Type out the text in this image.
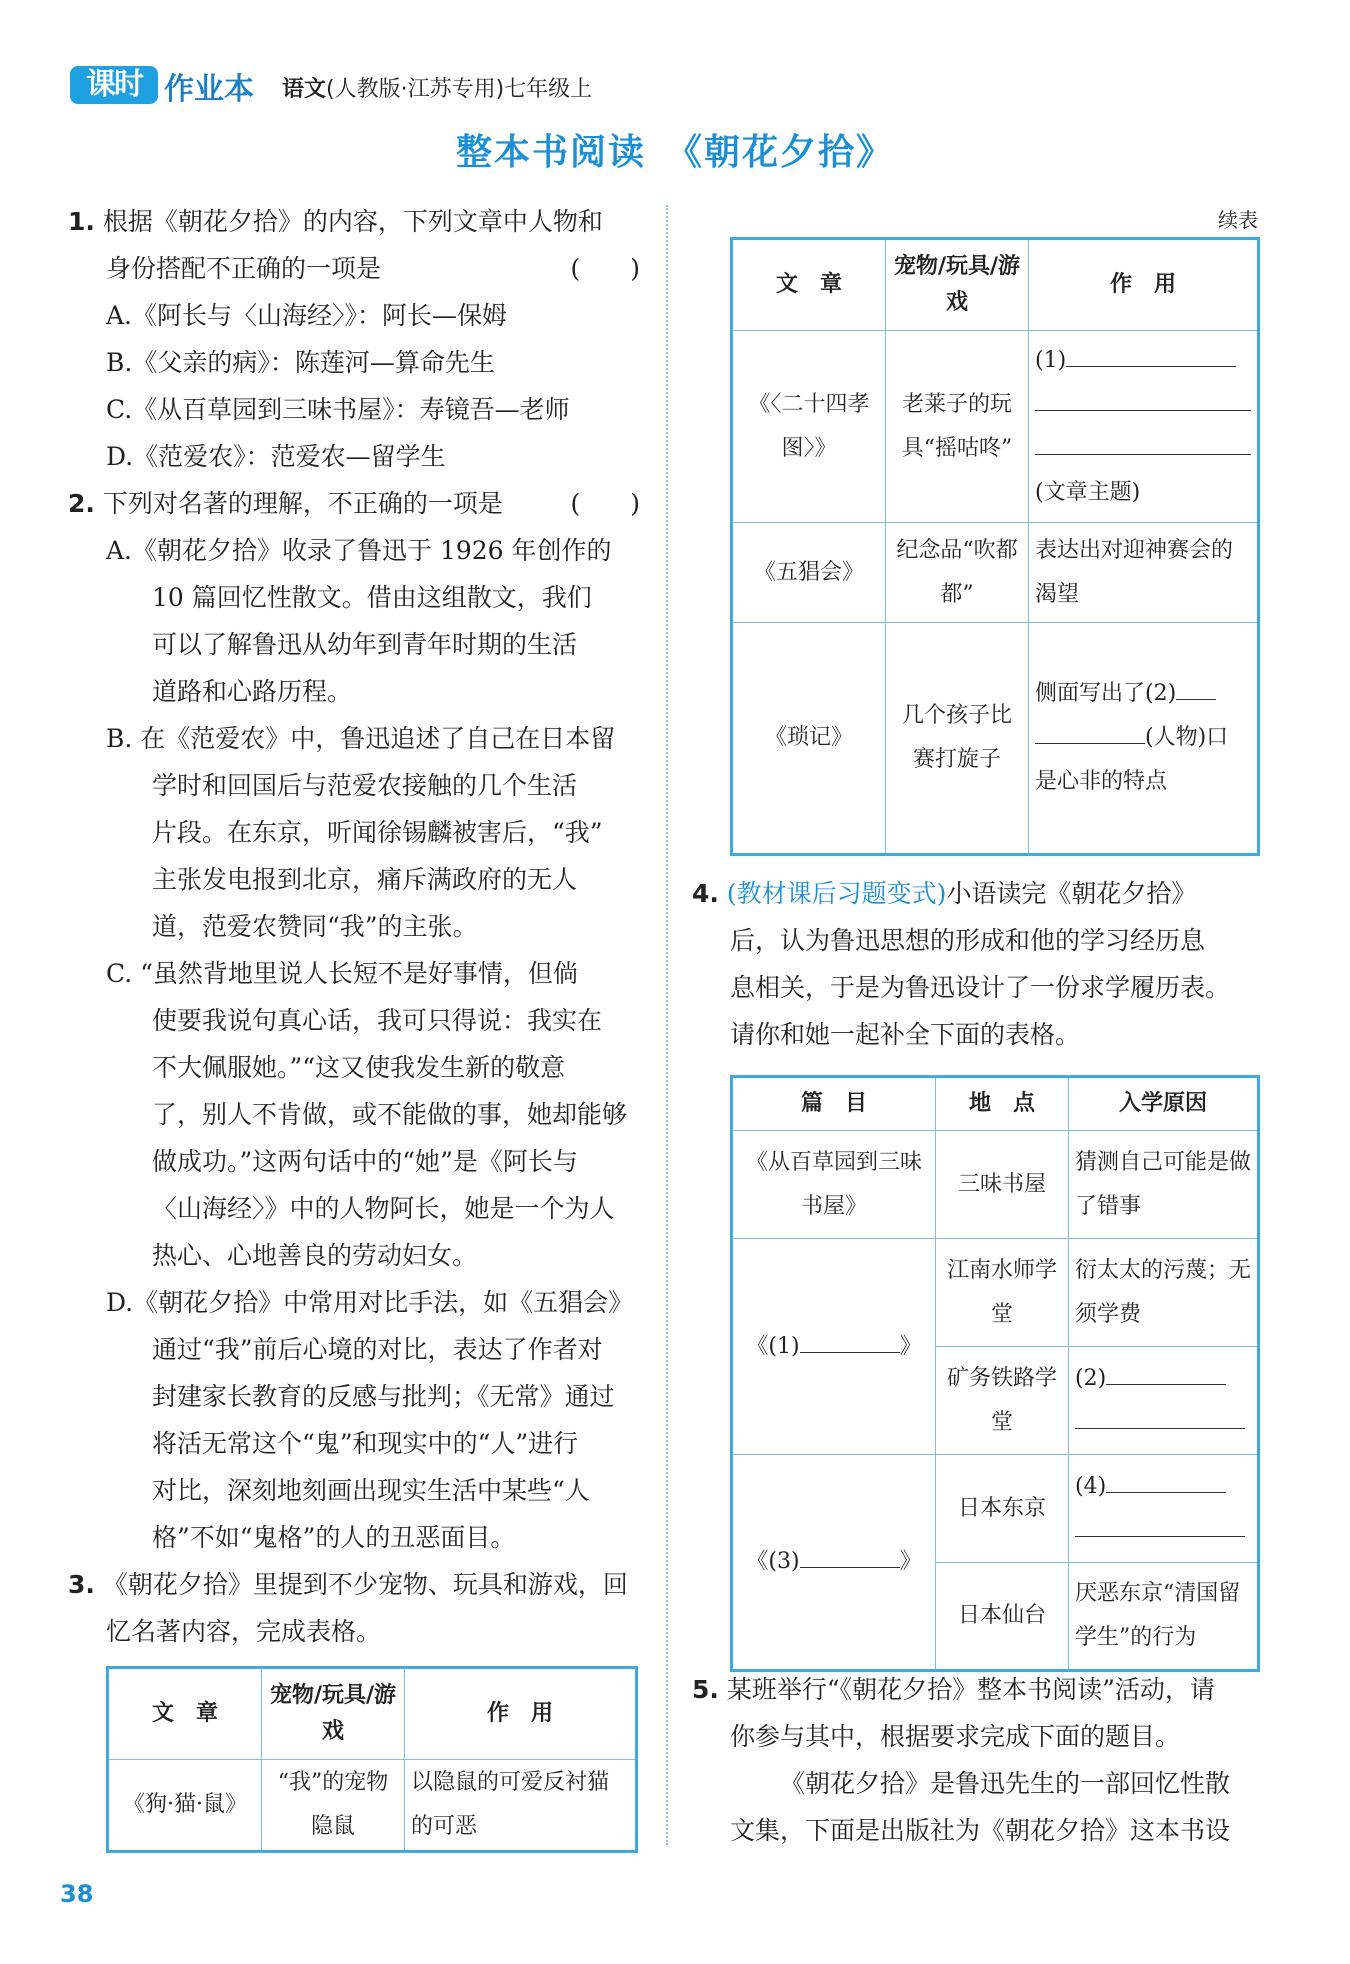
课时 作业本 语文(人教版·江苏专用)七年级上
整本书阅读　《朝花夕拾》
1. 根据《朝花夕拾》的内容，下列文章中人物和
身份搭配不正确的一项是	(　　)
A.《阿长与〈山海经〉》：阿长—保姆
B.《父亲的病》：陈莲河—算命先生
C.《从百草园到三味书屋》：寿镜吾—老师
D.《范爱农》：范爱农—留学生
2. 下列对名著的理解，不正确的一项是	(　　)
A.《朝花夕拾》收录了鲁迅于 1926 年创作的
10 篇回忆性散文。借由这组散文，我们
可以了解鲁迅从幼年到青年时期的生活
道路和心路历程。
B. 在《范爱农》中，鲁迅追述了自己在日本留
学时和回国后与范爱农接触的几个生活
片段。在东京，听闻徐锡麟被害后，“我”
主张发电报到北京，痛斥满政府的无人
道，范爱农赞同“我”的主张。
C. “虽然背地里说人长短不是好事情，但倘
使要我说句真心话，我可只得说：我实在
不大佩服她。”“这又使我发生新的敬意
了，别人不肯做，或不能做的事，她却能够
做成功。”这两句话中的“她”是《阿长与
〈山海经〉》中的人物阿长，她是一个为人
热心、心地善良的劳动妇女。
D.《朝花夕拾》中常用对比手法，如《五猖会》
通过“我”前后心境的对比，表达了作者对
封建家长教育的反感与批判；《无常》通过
将活无常这个“鬼”和现实中的“人”进行
对比，深刻地刻画出现实生活中某些“人
格”不如“鬼格”的人的丑恶面目。
3. 《朝花夕拾》里提到不少宠物、玩具和游戏，回
忆名著内容，完成表格。
文　章	宠物/玩具/游戏	作　用
《狗·猫·鼠》	“我”的宠物隐鼠	以隐鼠的可爱反衬猫的可恶
续表
文　章	宠物/玩具/游戏	作　用
《〈二十四孝图〉》	老莱子的玩具“摇咕咚”	(1)

(文章主题)
《五猖会》	纪念品“吹都都”	表达出对迎神赛会的渴望
《琐记》	几个孩子比赛打旋子	侧面写出了(2)
(人物)口
是心非的特点
4. (教材课后习题变式)小语读完《朝花夕拾》
后，认为鲁迅思想的形成和他的学习经历息
息相关，于是为鲁迅设计了一份求学履历表。
请你和她一起补全下面的表格。
篇　目	地　点	入学原因
《从百草园到三味书屋》	三味书屋	猜测自己可能是做了错事
《(1) 》	江南水师学堂	衍太太的污蔑；无须学费
	矿务铁路学堂	(2)

《(3) 》	日本东京	(4)

	日本仙台	厌恶东京“清国留学生”的行为
5. 某班举行“《朝花夕拾》整本书阅读”活动，请
你参与其中，根据要求完成下面的题目。
《朝花夕拾》是鲁迅先生的一部回忆性散
文集，下面是出版社为《朝花夕拾》这本书设
38
